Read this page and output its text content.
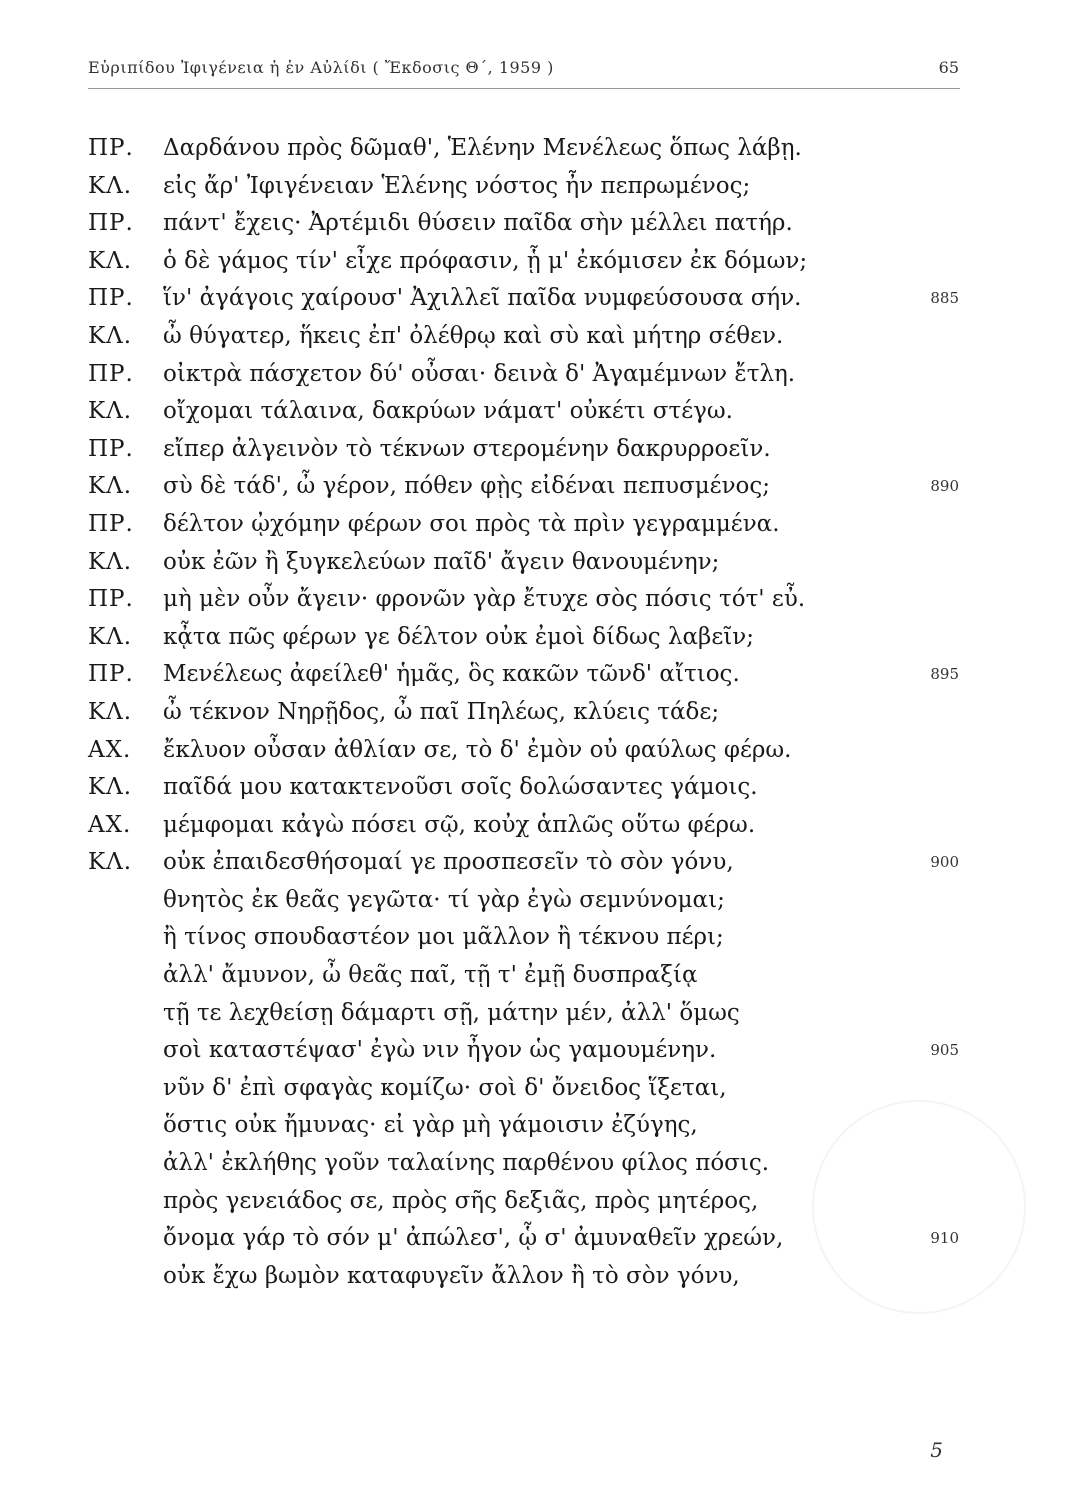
Εὐριπίδου Ἰφιγένεια ἡ ἐν Αὐλίδι ( Ἔκδοσις Θ΄, 1959 )	65
ΠΡ.	Δαρδάνου πρὸς δῶμαθ', Ἑλένην Μενέλεως ὅπως λάβῃ.
ΚΛ.	εἰς ἄρ' Ἰφιγένειαν Ἑλένης νόστος ἦν πεπρωμένος;
ΠΡ.	πάντ' ἔχεις· Ἀρτέμιδι θύσειν παῖδα σὴν μέλλει πατήρ.
ΚΛ.	ὁ δὲ γάμος τίν' εἶχε πρόφασιν, ᾗ μ' ἐκόμισεν ἐκ δόμων;
ΠΡ.	ἵν' ἀγάγοις χαίρουσ' Ἀχιλλεῖ παῖδα νυμφεύσουσα σήν.	885
ΚΛ.	ὦ θύγατερ, ἥκεις ἐπ' ὀλέθρῳ καὶ σὺ καὶ μήτηρ σέθεν.
ΠΡ.	οἰκτρὰ πάσχετον δύ' οὖσαι· δεινὰ δ' Ἀγαμέμνων ἔτλη.
ΚΛ.	οἴχομαι τάλαινα, δακρύων νάματ' οὐκέτι στέγω.
ΠΡ.	εἴπερ ἀλγεινὸν τὸ τέκνων στερομένην δακρυρροεῖν.
ΚΛ.	σὺ δὲ τάδ', ὦ γέρον, πόθεν φῂς εἰδέναι πεπυσμένος;	890
ΠΡ.	δέλτον ᾠχόμην φέρων σοι πρὸς τὰ πρὶν γεγραμμένα.
ΚΛ.	οὐκ ἐῶν ἢ ξυγκελεύων παῖδ' ἄγειν θανουμένην;
ΠΡ.	μὴ μὲν οὖν ἄγειν· φρονῶν γὰρ ἔτυχε σὸς πόσις τότ' εὖ.
ΚΛ.	κᾆτα πῶς φέρων γε δέλτον οὐκ ἐμοὶ δίδως λαβεῖν;
ΠΡ.	Μενέλεως ἀφείλεθ' ἡμᾶς, ὃς κακῶν τῶνδ' αἴτιος.	895
ΚΛ.	ὦ τέκνον Νηρῇδος, ὦ παῖ Πηλέως, κλύεις τάδε;
ΑΧ.	ἔκλυον οὖσαν ἀθλίαν σε, τὸ δ' ἐμὸν οὐ φαύλως φέρω.
ΚΛ.	παῖδά μου κατακτενοῦσι σοῖς δολώσαντες γάμοις.
ΑΧ.	μέμφομαι κἀγὼ πόσει σῷ, κοὐχ ἁπλῶς οὕτω φέρω.
ΚΛ.	οὐκ ἐπαιδεσθήσομαί γε προσπεσεῖν τὸ σὸν γόνυ,	900
θνητὸς ἐκ θεᾶς γεγῶτα· τί γὰρ ἐγὼ σεμνύνομαι;
ἢ τίνος σπουδαστέον μοι μᾶλλον ἢ τέκνου πέρι;
ἀλλ' ἄμυνον, ὦ θεᾶς παῖ, τῇ τ' ἐμῇ δυσπραξίᾳ
τῇ τε λεχθείσῃ δάμαρτι σῇ, μάτην μέν, ἀλλ' ὅμως
σοὶ καταστέψασ' ἐγὼ νιν ἦγον ὡς γαμουμένην.	905
νῦν δ' ἐπὶ σφαγὰς κομίζω· σοὶ δ' ὄνειδος ἵξεται,
ὅστις οὐκ ἤμυνας· εἰ γὰρ μὴ γάμοισιν ἐζύγης,
ἀλλ' ἐκλήθης γοῦν ταλαίνης παρθένου φίλος πόσις.
πρὸς γενειάδος σε, πρὸς σῆς δεξιᾶς, πρὸς μητέρος,
ὄνομα γάρ τὸ σόν μ' ἀπώλεσ', ᾧ σ' ἀμυναθεῖν χρεών,	910
οὐκ ἔχω βωμὸν καταφυγεῖν ἄλλον ἢ τὸ σὸν γόνυ,
5
